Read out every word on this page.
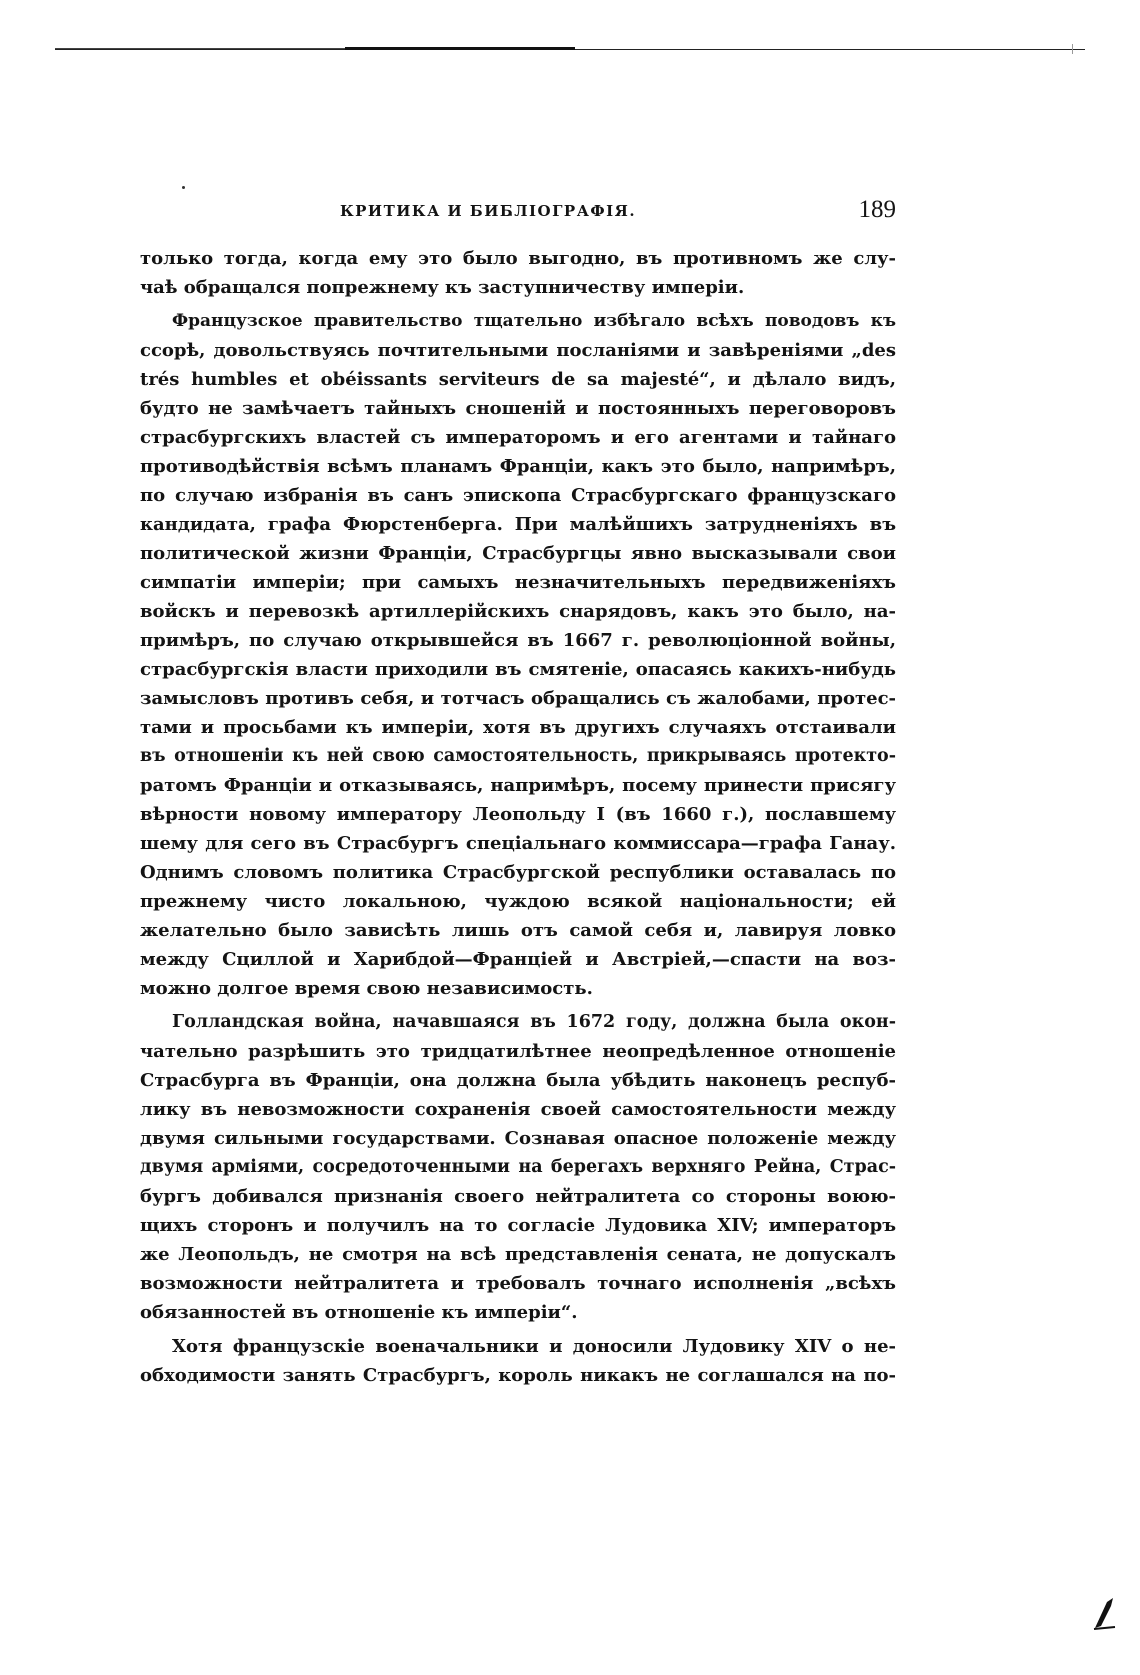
КРИТИКА И БИБЛІОГРАФІЯ.	189
только тогда, когда ему это было выгодно, въ противномъ же слу-
чаѣ обращался попрежнему къ заступничеству имперіи.
Французское правительство тщательно избѣгало всѣхъ поводовъ къ
ссорѣ, довольствуясь почтительными посланіями и завѣреніями „des
trés humbles et obéissants serviteurs de sa majesté“, и дѣлало видъ,
будто не замѣчаетъ тайныхъ сношеній и постоянныхъ переговоровъ
страсбургскихъ властей съ императоромъ и его агентами и тайнаго
противодѣйствія всѣмъ планамъ Франціи, какъ это было, напримѣръ,
по случаю избранія въ санъ эпископа Страсбургскаго французскаго
кандидата, графа Фюрстенберга. При малѣйшихъ затрудненіяхъ въ
политической жизни Франціи, Страсбургцы явно высказывали свои
симпатіи имперіи; при самыхъ незначительныхъ передвиженіяхъ
войскъ и перевозкѣ артиллерійскихъ снарядовъ, какъ это было, на-
примѣръ, по случаю открывшейся въ 1667 г. революціонной войны,
страсбургскія власти приходили въ смятеніе, опасаясь какихъ-нибудь
замысловъ противъ себя, и тотчасъ обращались съ жалобами, протес-
тами и просьбами къ имперіи, хотя въ другихъ случаяхъ отстаивали
въ отношеніи къ ней свою самостоятельность, прикрываясь протекто-
ратомъ Франціи и отказываясь, напримѣръ, посему принести присягу
вѣрности новому императору Леопольду I (въ 1660 г.), пославшему
шему для сего въ Страсбургъ спеціальнаго коммиссара—графа Ганау.
Однимъ словомъ политика Страсбургской республики оставалась по
прежнему чисто локальною, чуждою всякой національности; ей
желательно было зависѣть лишь отъ самой себя и, лавируя ловко
между Сциллой и Харибдой—Франціей и Австріей,—спасти на воз-
можно долгое время свою независимость.
Голландская война, начавшаяся въ 1672 году, должна была окон-
чательно разрѣшить это тридцатилѣтнее неопредѣленное отношеніе
Страсбурга въ Франціи, она должна была убѣдить наконецъ респуб-
лику въ невозможности сохраненія своей самостоятельности между
двумя сильными государствами. Сознавая опасное положеніе между
двумя арміями, сосредоточенными на берегахъ верхняго Рейна, Страс-
бургъ добивался признанія своего нейтралитета со стороны воюю-
щихъ сторонъ и получилъ на то согласіе Лудовика XIV; императоръ
же Леопольдъ, не смотря на всѣ представленія сената, не допускалъ
возможности нейтралитета и требовалъ точнаго исполненія „всѣхъ
обязанностей въ отношеніе къ имперіи“.
Хотя французскіе военачальники и доносили Лудовику XIV о не-
обходимости занять Страсбургъ, король никакъ не соглашался на по-
